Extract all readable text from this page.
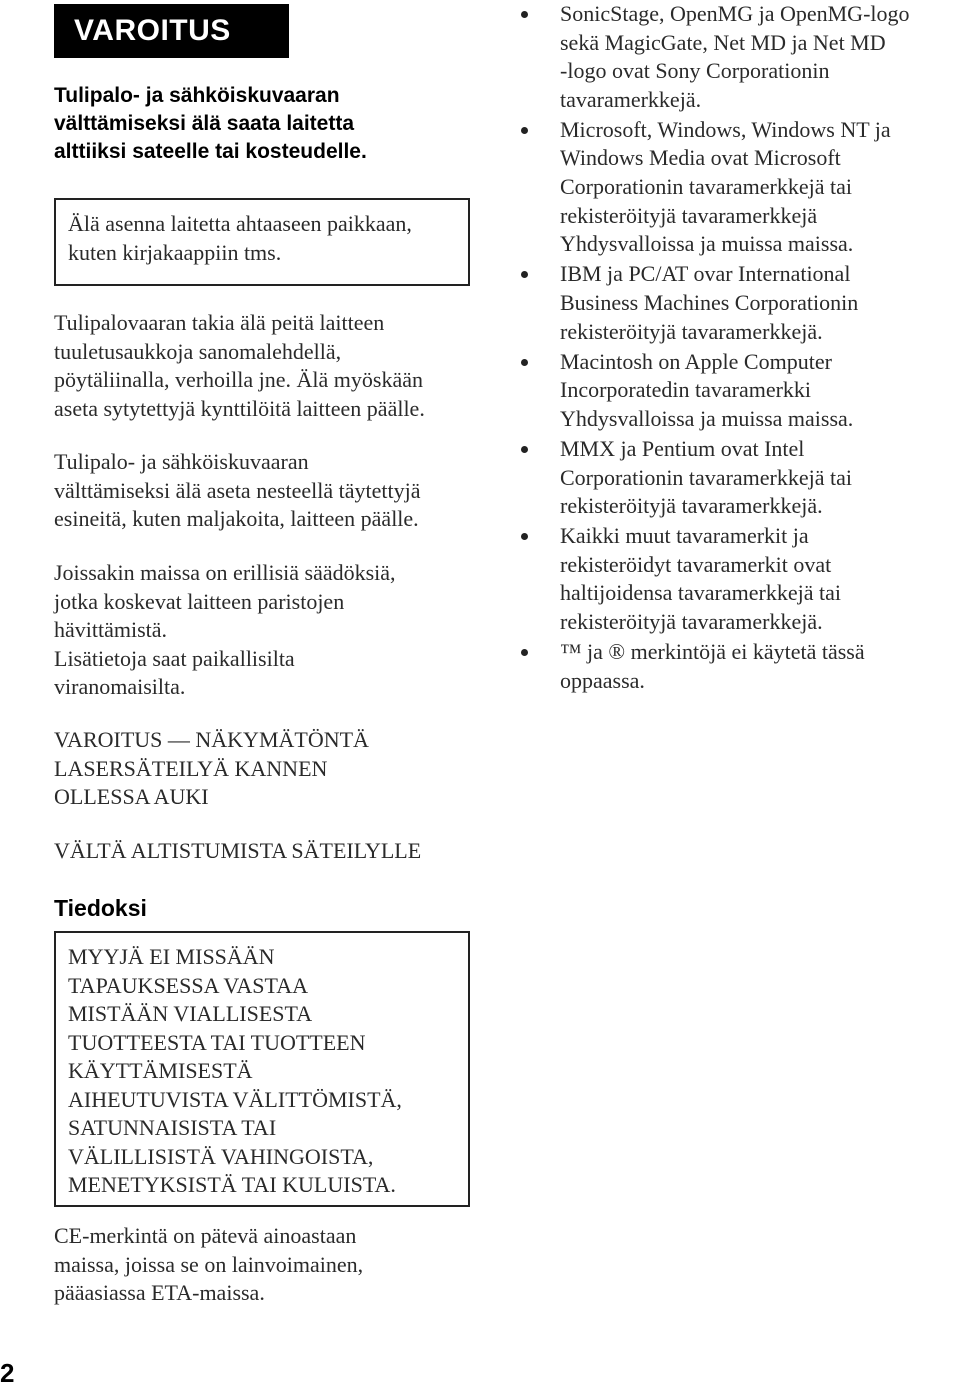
VAROITUS
Tulipalo- ja sähköiskuvaaran
välttämiseksi älä saata laitetta
alttiiksi sateelle tai kosteudelle.
Älä asenna laitetta ahtaaseen paikkaan,
kuten kirjakaappiin tms.
Tulipalovaaran takia älä peitä laitteen
tuuletusaukkoja sanomalehdellä,
pöytäliinalla, verhoilla jne. Älä myöskään
aseta sytytettyjä kynttilöitä laitteen päälle.
Tulipalo- ja sähköiskuvaaran
välttämiseksi älä aseta nesteellä täytettyjä
esineitä, kuten maljakoita, laitteen päälle.
Joissakin maissa on erillisiä säädöksiä,
jotka koskevat laitteen paristojen
hävittämistä.
Lisätietoja saat paikallisilta
viranomaisilta.
VAROITUS — NÄKYMÄTÖNTÄ
LASERSÄTEILYÄ KANNEN
OLLESSA AUKI
VÄLTÄ ALTISTUMISTA SÄTEILYLLE
Tiedoksi
MYYJÄ EI MISSÄÄN
TAPAUKSESSA VASTAA
MISTÄÄN VIALLISESTA
TUOTTEESTA TAI TUOTTEEN
KÄYTTÄMISESTÄ
AIHEUTUVISTA VÄLITTÖMISTÄ,
SATUNNAISISTA TAI
VÄLILLISISTÄ VAHINGOISTA,
MENETYKSISTÄ TAI KULUISTA.
CE-merkintä on pätevä ainoastaan
maissa, joissa se on lainvoimainen,
pääasiassa ETA-maissa.
SonicStage, OpenMG ja OpenMG-logo
sekä MagicGate, Net MD ja Net MD
-logo ovat Sony Corporationin
tavaramerkkejä.
Microsoft, Windows, Windows NT ja
Windows Media ovat Microsoft
Corporationin tavaramerkkejä tai
rekisteröityjä tavaramerkkejä
Yhdysvalloissa ja muissa maissa.
IBM ja PC/AT ovar International
Business Machines Corporationin
rekisteröityjä tavaramerkkejä.
Macintosh on Apple Computer
Incorporatedin tavaramerkki
Yhdysvalloissa ja muissa maissa.
MMX ja Pentium ovat Intel
Corporationin tavaramerkkejä tai
rekisteröityjä tavaramerkkejä.
Kaikki muut tavaramerkit ja
rekisteröidyt tavaramerkit ovat
haltijoidensa tavaramerkkejä tai
rekisteröityjä tavaramerkkejä.
™ ja ® merkintöjä ei käytetä tässä
oppaassa.
2
